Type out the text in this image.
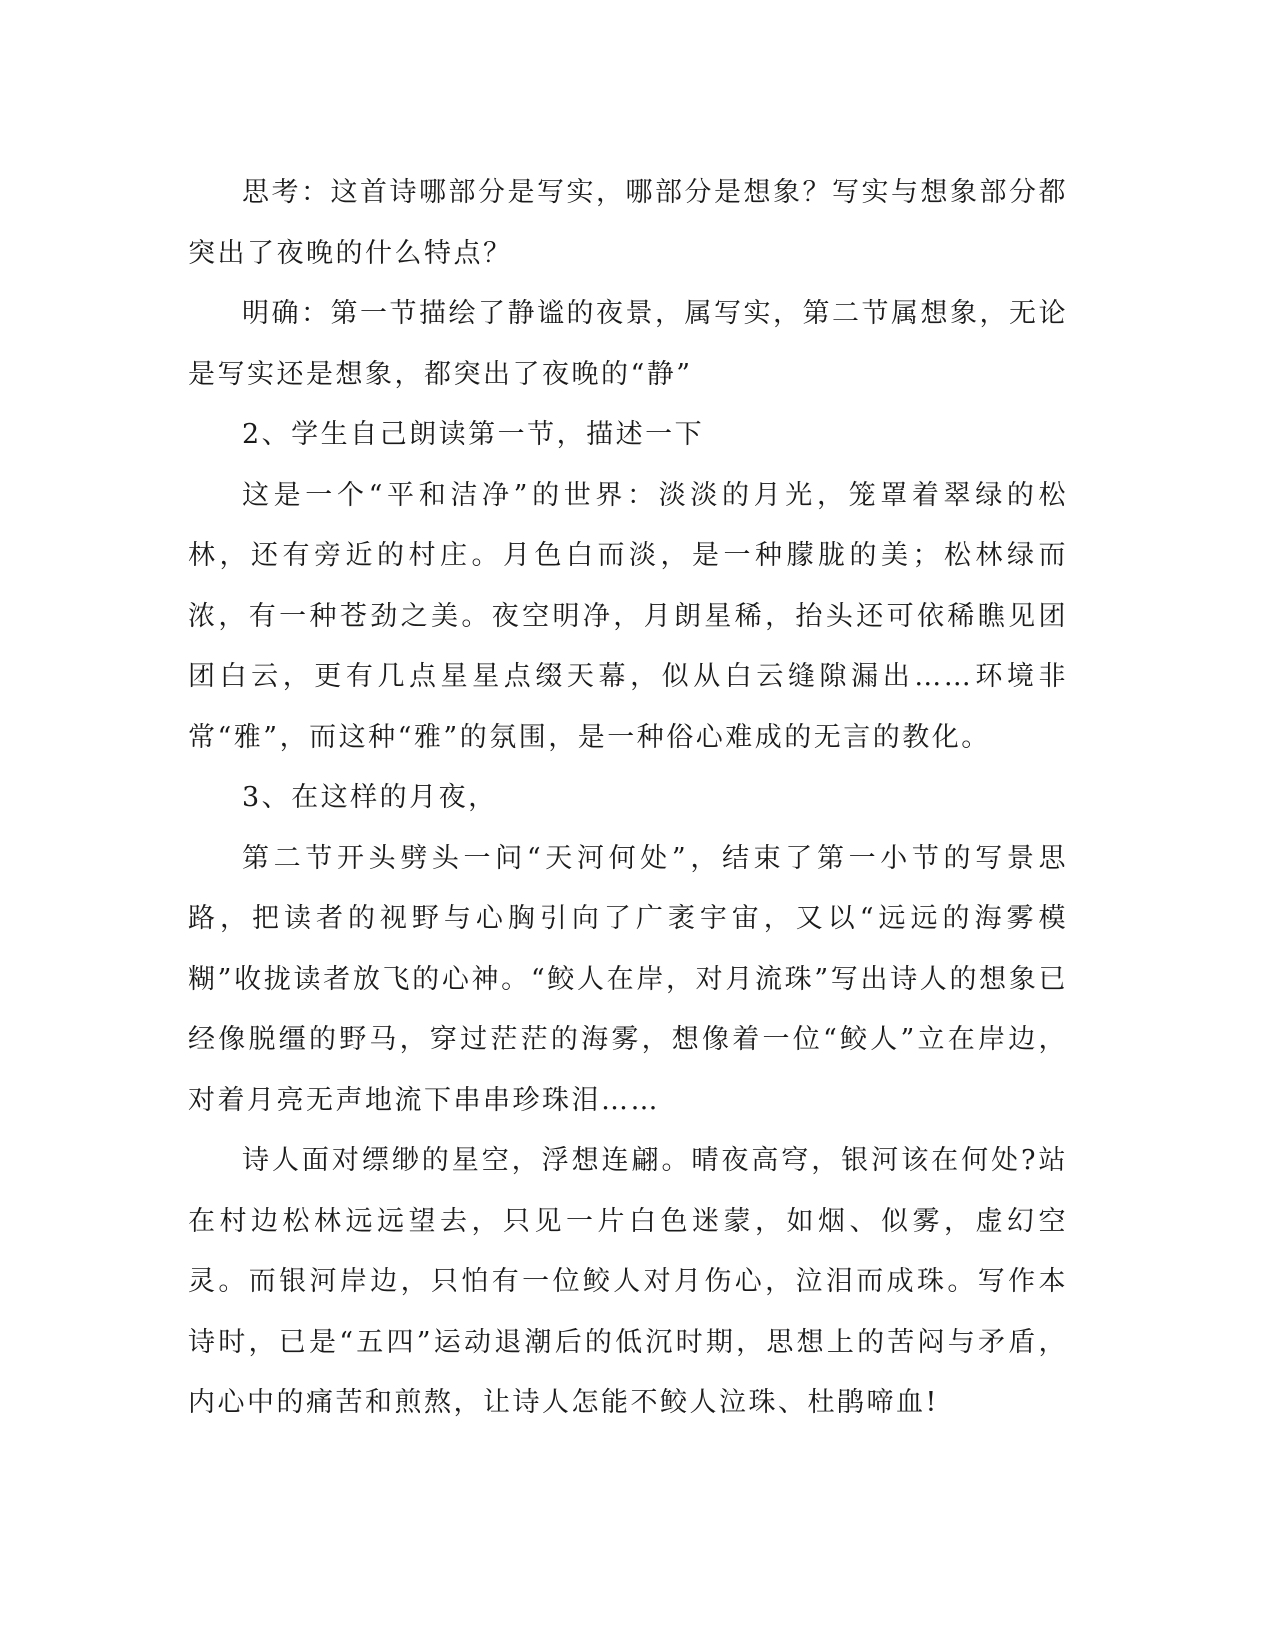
思考：这首诗哪部分是写实，哪部分是想象？写实与想象部分都突出了夜晚的什么特点？

明确：第一节描绘了静谧的夜景，属写实，第二节属想象，无论是写实还是想象，都突出了夜晚的“静”

2、学生自己朗读第一节，描述一下

这是一个“平和洁净”的世界：淡淡的月光，笼罩着翠绿的松林，还有旁近的村庄。月色白而淡，是一种朦胧的美；松林绿而浓，有一种苍劲之美。夜空明净，月朗星稀，抬头还可依稀瞧见团团白云，更有几点星星点缀天幕，似从白云缝隙漏出……环境非常“雅”，而这种“雅”的氛围，是一种俗心难成的无言的教化。

3、在这样的月夜，

第二节开头劈头一问“天河何处”，结束了第一小节的写景思路，把读者的视野与心胸引向了广袤宇宙，又以“远远的海雾模糊”收拢读者放飞的心神。“鲛人在岸，对月流珠”写出诗人的想象已经像脱缰的野马，穿过茫茫的海雾，想像着一位“鲛人”立在岸边，对着月亮无声地流下串串珍珠泪……

诗人面对缥缈的星空，浮想连翩。晴夜高穹，银河该在何处?站在村边松林远远望去，只见一片白色迷蒙，如烟、似雾，虚幻空灵。而银河岸边，只怕有一位鲛人对月伤心，泣泪而成珠。写作本诗时，已是“五四”运动退潮后的低沉时期，思想上的苦闷与矛盾，内心中的痛苦和煎熬，让诗人怎能不鲛人泣珠、杜鹃啼血!
